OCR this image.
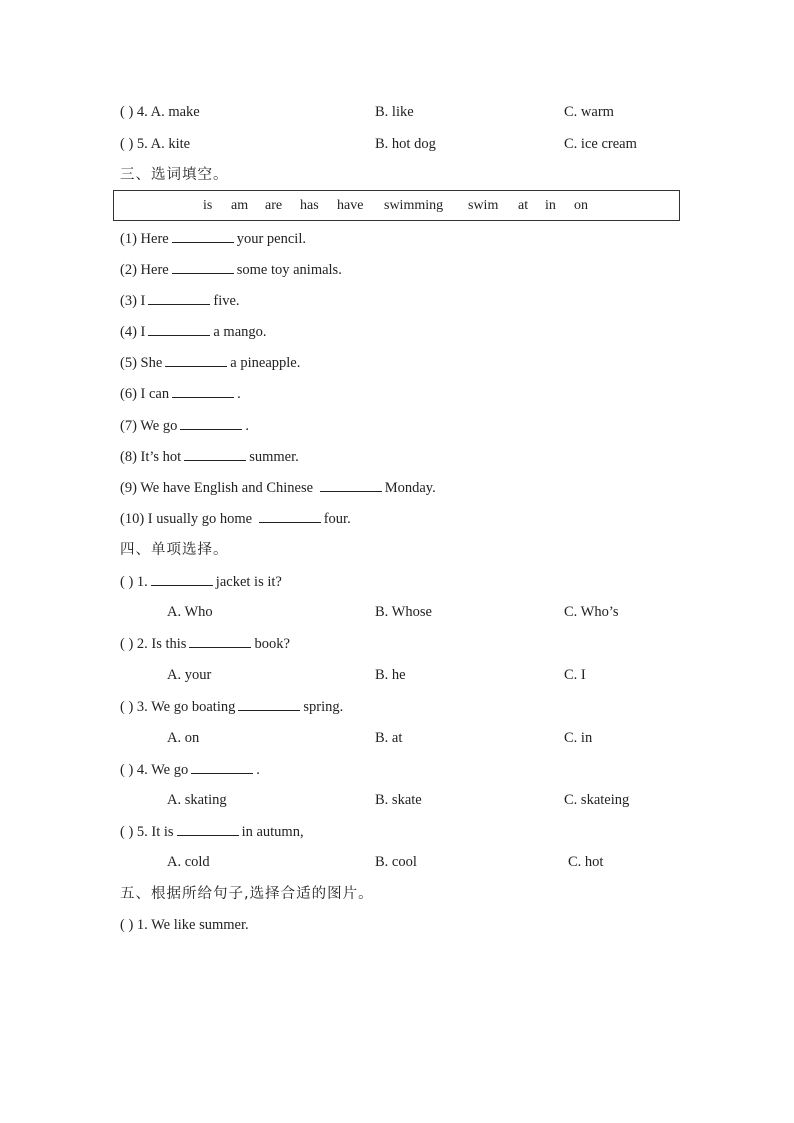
( ) 4. A. make	B. like	C. warm
( ) 5. A. kite	B. hot dog	C. ice cream
三、选词填空。
is am are has have swimming swim at in on
(1) Here	your pencil.
(2) Here	some toy animals.
(3) I	five.
(4) I	a mango.
(5) She	a pineapple.
(6) I can	.
(7) We go	.
(8) It’s hot	summer.
(9) We have English and Chinese	Monday.
(10) I usually go home	four.
四、单项选择。
( ) 1.	jacket is it?
A. Who	B. Whose	C. Who’s
( ) 2. Is this	book?
A. your	B. he	C. I
( ) 3. We go boating	spring.
A. on	B. at	C. in
( ) 4. We go	.
A. skating	B. skate	C. skateing
( ) 5. It is	in autumn,
A. cold	B. cool	C. hot
五、根据所给句子,选择合适的图片。
( ) 1. We like summer.
